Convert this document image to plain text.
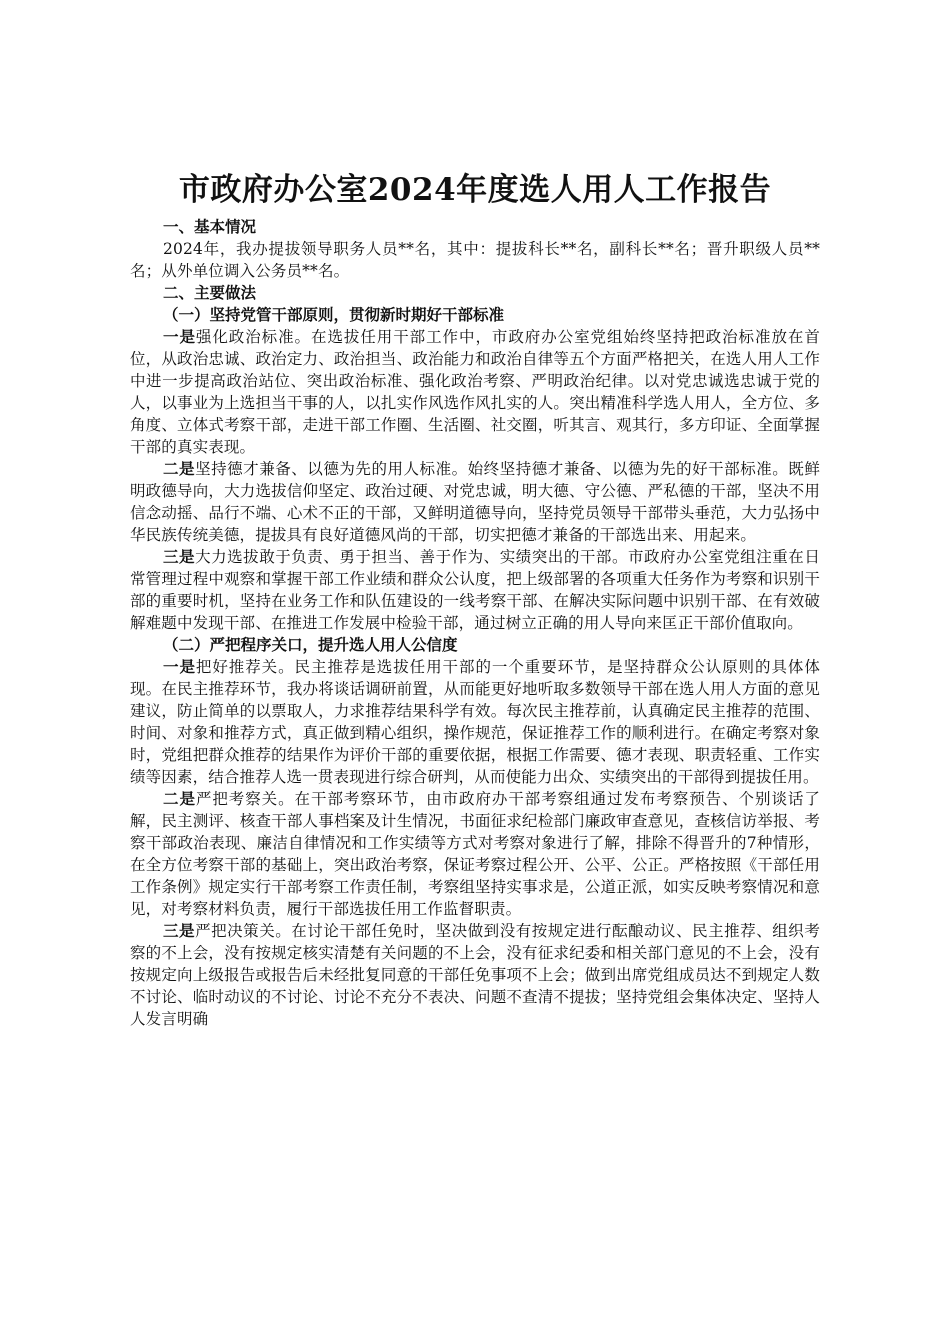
市政府办公室2024年度选人用人工作报告
一、基本情况

2024年，我办提拔领导职务人员**名，其中：提拔科长**名，副科长**名；晋升职级人员**名；从外单位调入公务员**名。

二、主要做法
（一）坚持党管干部原则，贯彻新时期好干部标准

一是强化政治标准。在选拔任用干部工作中，市政府办公室党组始终坚持把政治标准放在首位，从政治忠诚、政治定力、政治担当、政治能力和政治自律等五个方面严格把关，在选人用人工作中进一步提高政治站位、突出政治标准、强化政治考察、严明政治纪律。以对党忠诚选忠诚于党的人，以事业为上选担当干事的人，以扎实作风选作风扎实的人。突出精准科学选人用人，全方位、多角度、立体式考察干部，走进干部工作圈、生活圈、社交圈，听其言、观其行，多方印证、全面掌握干部的真实表现。

二是坚持德才兼备、以德为先的用人标准。始终坚持德才兼备、以德为先的好干部标准。既鲜明政德导向，大力选拔信仰坚定、政治过硬、对党忠诚，明大德、守公德、严私德的干部，坚决不用信念动摇、品行不端、心术不正的干部，又鲜明道德导向，坚持党员领导干部带头垂范，大力弘扬中华民族传统美德，提拔具有良好道德风尚的干部，切实把德才兼备的干部选出来、用起来。

三是大力选拔敢于负责、勇于担当、善于作为、实绩突出的干部。市政府办公室党组注重在日常管理过程中观察和掌握干部工作业绩和群众公认度，把上级部署的各项重大任务作为考察和识别干部的重要时机，坚持在业务工作和队伍建设的一线考察干部、在解决实际问题中识别干部、在有效破解难题中发现干部、在推进工作发展中检验干部，通过树立正确的用人导向来匡正干部价值取向。

（二）严把程序关口，提升选人用人公信度

一是把好推荐关。民主推荐是选拔任用干部的一个重要环节，是坚持群众公认原则的具体体现。在民主推荐环节，我办将谈话调研前置，从而能更好地听取多数领导干部在选人用人方面的意见建议，防止简单的以票取人，力求推荐结果科学有效。每次民主推荐前，认真确定民主推荐的范围、时间、对象和推荐方式，真正做到精心组织，操作规范，保证推荐工作的顺利进行。在确定考察对象时，党组把群众推荐的结果作为评价干部的重要依据，根据工作需要、德才表现、职责轻重、工作实绩等因素，结合推荐人选一贯表现进行综合研判，从而使能力出众、实绩突出的干部得到提拔任用。

二是严把考察关。在干部考察环节，由市政府办干部考察组通过发布考察预告、个别谈话了解，民主测评、核查干部人事档案及计生情况，书面征求纪检部门廉政审查意见，查核信访举报、考察干部政治表现、廉洁自律情况和工作实绩等方式对考察对象进行了解，排除不得晋升的7种情形，在全方位考察干部的基础上，突出政治考察，保证考察过程公开、公平、公正。严格按照《干部任用工作条例》规定实行干部考察工作责任制，考察组坚持实事求是，公道正派，如实反映考察情况和意见，对考察材料负责，履行干部选拔任用工作监督职责。

三是严把决策关。在讨论干部任免时，坚决做到没有按规定进行酝酿动议、民主推荐、组织考察的不上会，没有按规定核实清楚有关问题的不上会，没有征求纪委和相关部门意见的不上会，没有按规定向上级报告或报告后未经批复同意的干部任免事项不上会；做到出席党组成员达不到规定人数不讨论、临时动议的不讨论、讨论不充分不表决、问题不查清不提拔；坚持党组会集体决定、坚持人人发言明确
